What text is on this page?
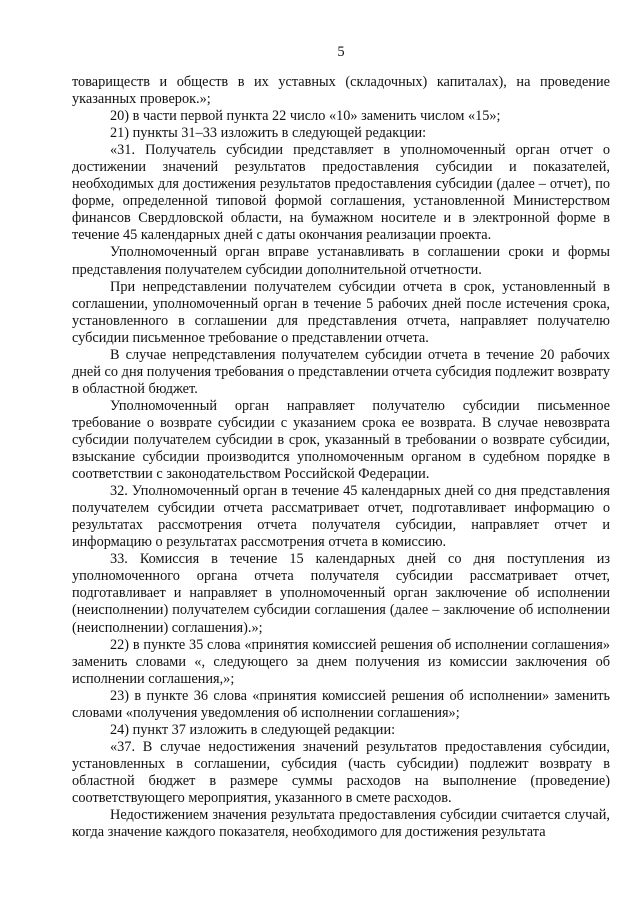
5

товариществ и обществ в их уставных (складочных) капиталах), на проведение указанных проверок.»;

20) в части первой пункта 22 число «10» заменить числом «15»;

21) пункты 31–33 изложить в следующей редакции:

«31. Получатель субсидии представляет в уполномоченный орган отчет о достижении значений результатов предоставления субсидии и показателей, необходимых для достижения результатов предоставления субсидии (далее – отчет), по форме, определенной типовой формой соглашения, установленной Министерством финансов Свердловской области, на бумажном носителе и в электронной форме в течение 45 календарных дней с даты окончания реализации проекта.

Уполномоченный орган вправе устанавливать в соглашении сроки и формы представления получателем субсидии дополнительной отчетности.

При непредставлении получателем субсидии отчета в срок, установленный в соглашении, уполномоченный орган в течение 5 рабочих дней после истечения срока, установленного в соглашении для представления отчета, направляет получателю субсидии письменное требование о представлении отчета.

В случае непредставления получателем субсидии отчета в течение 20 рабочих дней со дня получения требования о представлении отчета субсидия подлежит возврату в областной бюджет.

Уполномоченный орган направляет получателю субсидии письменное требование о возврате субсидии с указанием срока ее возврата. В случае невозврата субсидии получателем субсидии в срок, указанный в требовании о возврате субсидии, взыскание субсидии производится уполномоченным органом в судебном порядке в соответствии с законодательством Российской Федерации.

32. Уполномоченный орган в течение 45 календарных дней со дня представления получателем субсидии отчета рассматривает отчет, подготавливает информацию о результатах рассмотрения отчета получателя субсидии, направляет отчет и информацию о результатах рассмотрения отчета в комиссию.

33. Комиссия в течение 15 календарных дней со дня поступления из уполномоченного органа отчета получателя субсидии рассматривает отчет, подготавливает и направляет в уполномоченный орган заключение об исполнении (неисполнении) получателем субсидии соглашения (далее – заключение об исполнении (неисполнении) соглашения).»;

22) в пункте 35 слова «принятия комиссией решения об исполнении соглашения» заменить словами «, следующего за днем получения из комиссии заключения об исполнении соглашения,»;

23) в пункте 36 слова «принятия комиссией решения об исполнении» заменить словами «получения уведомления об исполнении соглашения»;

24) пункт 37 изложить в следующей редакции:

«37. В случае недостижения значений результатов предоставления субсидии, установленных в соглашении, субсидия (часть субсидии) подлежит возврату в областной бюджет в размере суммы расходов на выполнение (проведение) соответствующего мероприятия, указанного в смете расходов.

Недостижением значения результата предоставления субсидии считается случай, когда значение каждого показателя, необходимого для достижения результата
